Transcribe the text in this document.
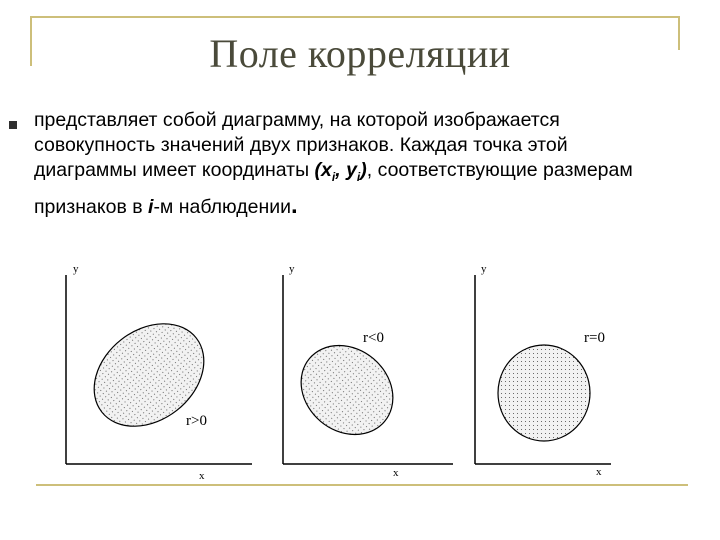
Поле корреляции
представляет собой диаграмму, на которой изображается
совокупность значений двух признаков. Каждая точка этой
диаграммы имеет координаты ($x_i$, $y_i$), соответствующие размерам
признаков в i-м наблюдении.
y
x
r>0
y
x
r<0
y
x
r=0
